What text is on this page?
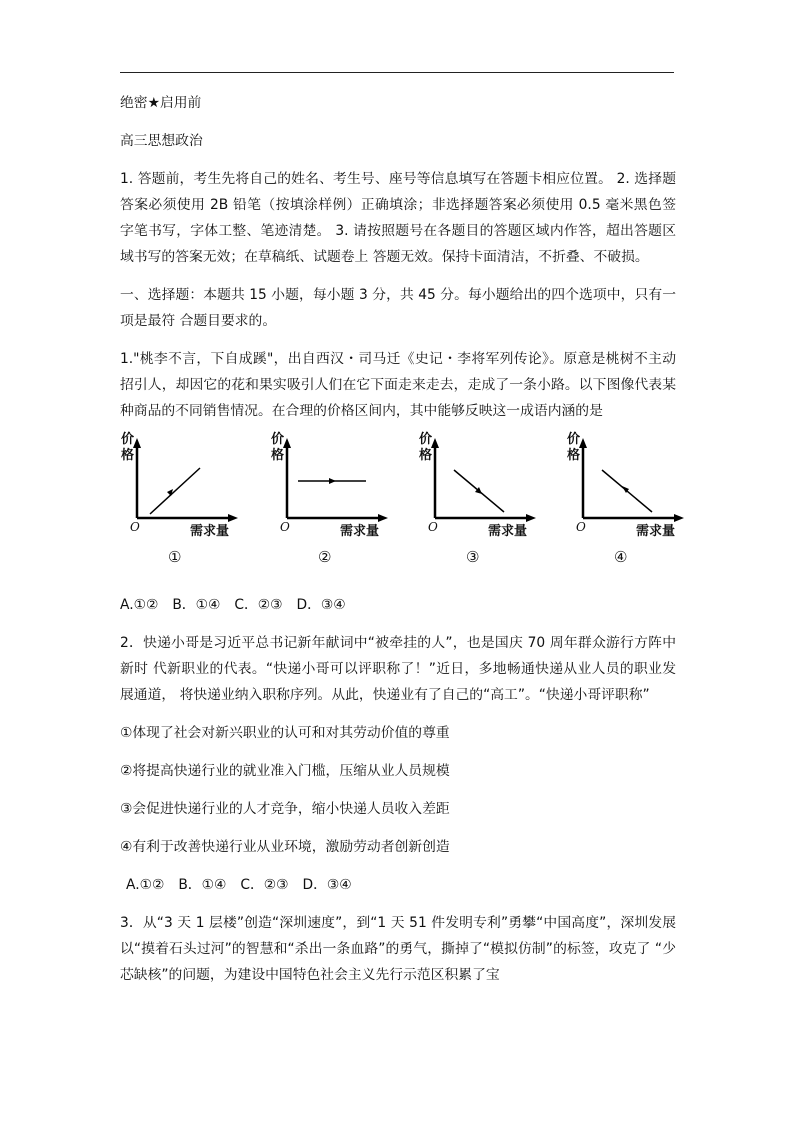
绝密★启用前

高三思想政治

1. 答题前，考生先将自己的姓名、考生号、座号等信息填写在答题卡相应位置。 2. 选择题答案必须使用 2B 铅笔（按填涂样例）正确填涂；非选择题答案必须使用 0.5 毫米黑色签 字笔书写，字体工整、笔迹清楚。 3. 请按照题号在各题目的答题区域内作答，超出答题区域书写的答案无效；在草稿纸、试题卷上 答题无效。保持卡面清洁，不折叠、不破损。

一、选择题：本题共 15 小题，每小题 3 分，共 45 分。每小题给出的四个选项中，只有一项是最符 合题目要求的。

1."桃李不言，下自成蹊"，出自西汉・司马迁《史记・李将军列传论》。原意是桃树不主动招引人，却因它的花和果实吸引人们在它下面走来走去，走成了一条小路。以下图像代表某种商品的不同销售情况。在合理的价格区间内，其中能够反映这一成语内涵的是

价格
O	需求量
①
价格
O	需求量
②
价格
O	需求量
③
价格
O	需求量
④

A.①② B．①④ C．②③ D．③④

2．快递小哥是习近平总书记新年献词中“被牵挂的人”，也是国庆 70 周年群众游行方阵中新时 代新职业的代表。“快递小哥可以评职称了！”近日，多地畅通快递从业人员的职业发展通道， 将快递业纳入职称序列。从此，快递业有了自己的“高工”。“快递小哥评职称”

①体现了社会对新兴职业的认可和对其劳动价值的尊重

②将提高快递行业的就业准入门槛，压缩从业人员规模

③会促进快递行业的人才竞争，缩小快递人员收入差距

④有利于改善快递行业从业环境，激励劳动者创新创造

A.①② B．①④ C．②③ D．③④

3．从“3 天 1 层楼”创造“深圳速度”，到“1 天 51 件发明专利”勇攀“中国高度”，深圳发展 以“摸着石头过河”的智慧和“杀出一条血路”的勇气，撕掉了“模拟仿制”的标签，攻克了 “少芯缺核”的问题，为建设中国特色社会主义先行示范区积累了宝
